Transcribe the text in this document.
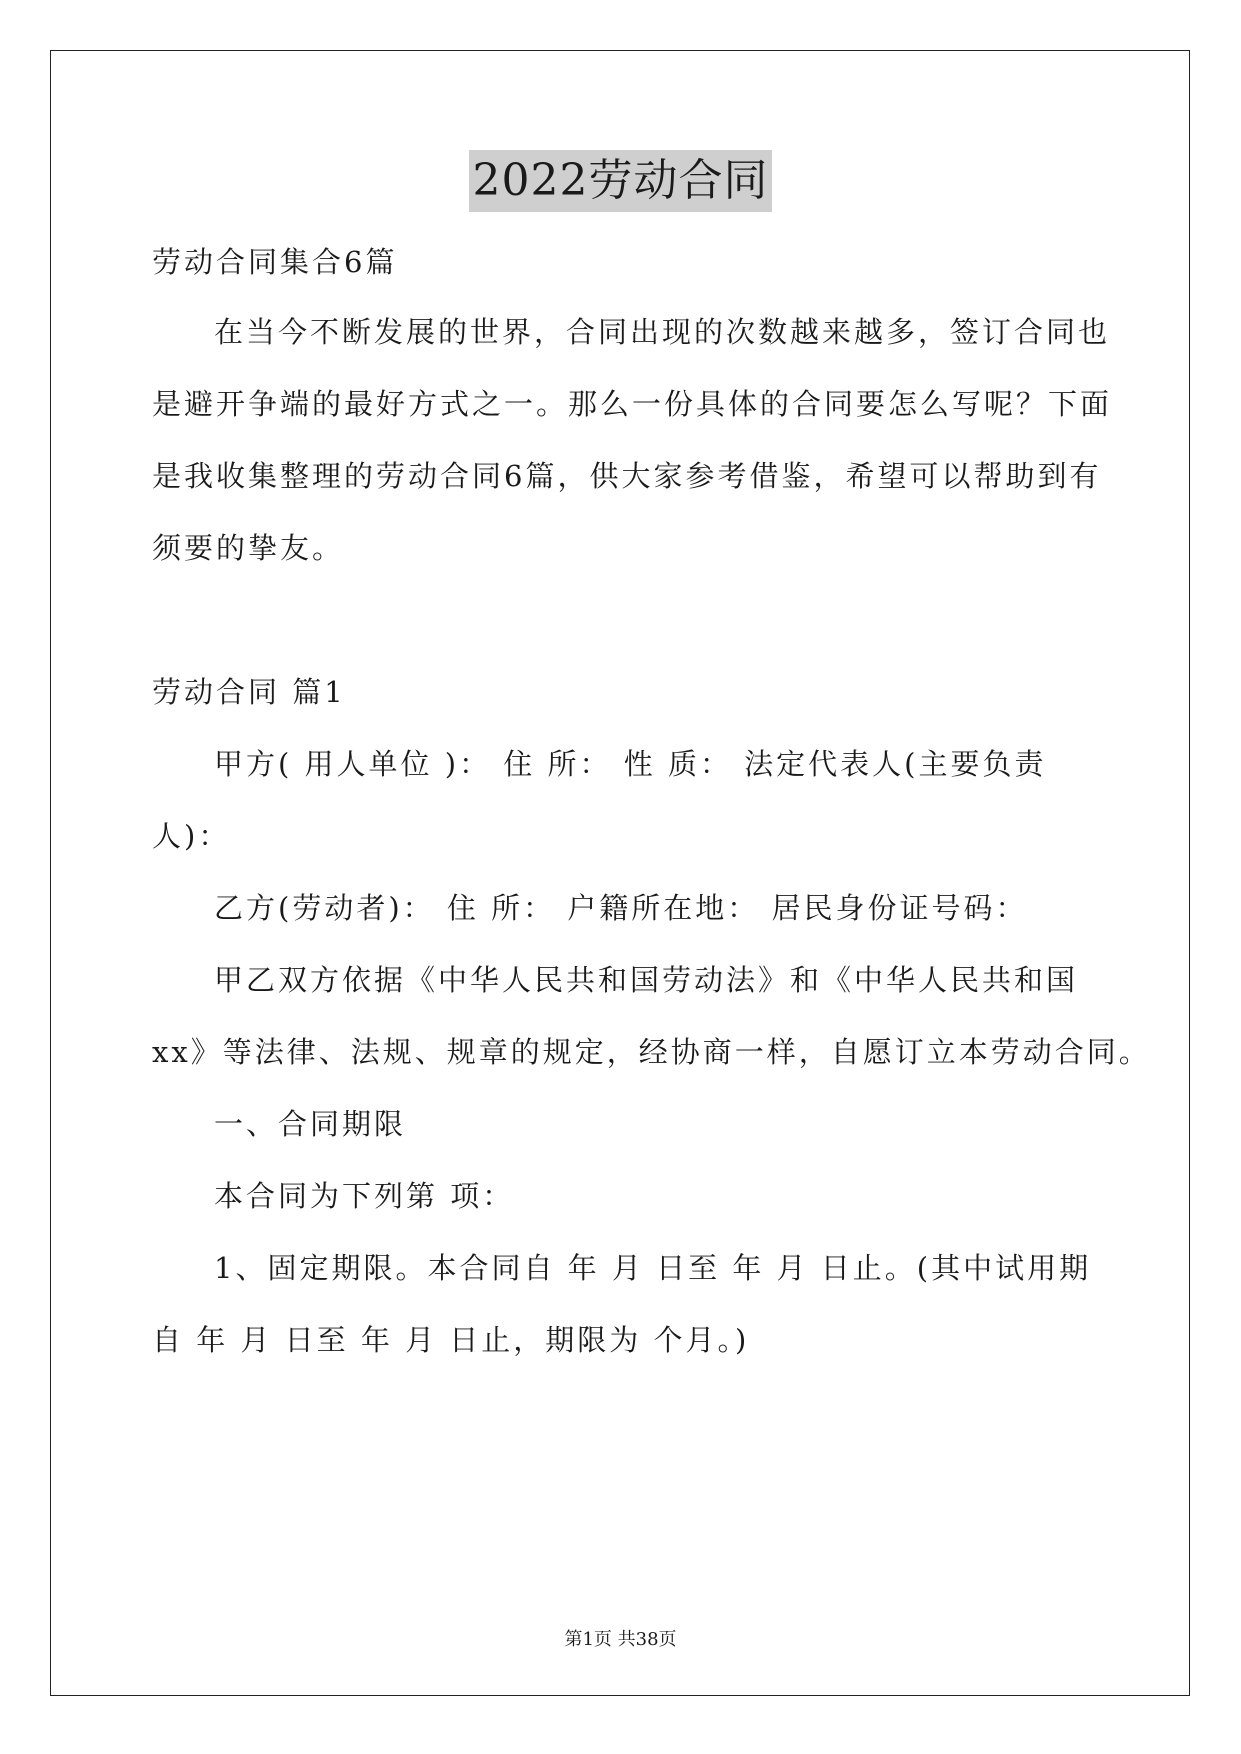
2022劳动合同
劳动合同集合6篇
在当今不断发展的世界，合同出现的次数越来越多，签订合同也
是避开争端的最好方式之一。那么一份具体的合同要怎么写呢？下面
是我收集整理的劳动合同6篇，供大家参考借鉴，希望可以帮助到有
须要的挚友。
劳动合同 篇1
甲方( 用人单位 )： 住 所： 性 质： 法定代表人(主要负责
人)：
乙方(劳动者)： 住 所： 户籍所在地： 居民身份证号码：
甲乙双方依据《中华人民共和国劳动法》和《中华人民共和国
xx》等法律、法规、规章的规定，经协商一样，自愿订立本劳动合同。
一、合同期限
本合同为下列第 项：
1、固定期限。本合同自 年 月 日至 年 月 日止。(其中试用期
自 年 月 日至 年 月 日止，期限为 个月。)
第1页 共38页
